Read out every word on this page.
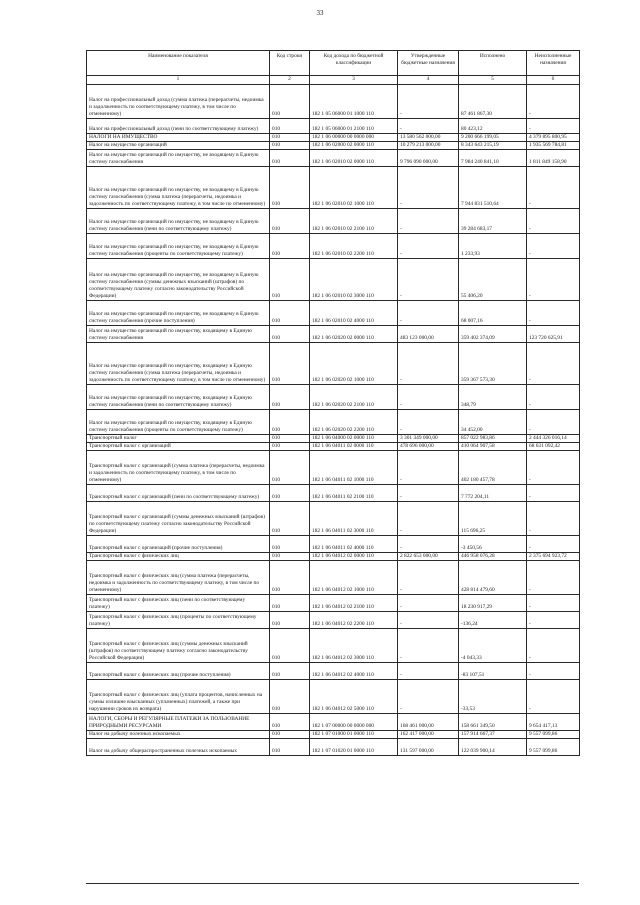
33
Наименование показателя	Код строки	Код дохода по бюджетной классификации	Утвержденные бюджетные назначения	Исполнено	Неисполненные назначения
1	2	3	4	5	6
Налог на профессиональный доход (сумма платежа (перерасчеты, недоимка и задолженность по соответствующему платежу, в том числе по отмененному)	010	182 1 05 06000 01 1000 110	-	87 461 867,30	-
Налог на профессиональный доход (пени по соответствующему платежу)	010	182 1 05 06000 01 2100 110	-	80 423,12	-
НАЛОГИ НА ИМУЩЕСТВО	010	182 1 06 00000 00 0000 000	13 580 562 000,00	9 200 666 199,05	4 379 895 800,95
Налог на имущество организаций	010	182 1 06 02000 02 0000 110	10 279 213 000,00	8 343 643 215,19	1 935 569 784,81
Налог на имущество организаций по имуществу, не входящему в Единую систему газоснабжения	010	182 1 06 02010 02 0000 110	9 796 090 000,00	7 984 240 841,10	1 811 849 158,90
Налог на имущество организаций по имуществу, не входящему в Единую систему газоснабжения (сумма платежа (перерасчеты, недоимка и задолженность по соответствующему платежу, в том числе по отмененному)	010	182 1 06 02010 02 1000 110	-	7 944 831 510,64	-
Налог на имущество организаций по имуществу, не входящему в Единую систему газоснабжения (пени по соответствующему платежу)	010	182 1 06 02010 02 2100 110	-	39 284 683,17	-
Налог на имущество организаций по имуществу, не входящему в Единую систему газоснабжения (проценты по соответствующему платежу)	010	182 1 06 02010 02 2200 110	-	1 233,93	-
Налог на имущество организаций по имуществу, не входящему в Единую систему газоснабжения (суммы денежных взысканий (штрафов) по соответствующему платежу согласно законодательству Российской Федерации)	010	182 1 06 02010 02 3000 110	-	55 406,20	-
Налог на имущество организаций по имуществу, не входящему в Единую систему газоснабжения (прочие поступления)	010	182 1 06 02010 02 4000 110	-	68 007,16	-
Налог на имущество организаций по имуществу, входящему в Единую систему газоснабжения	010	182 1 06 02020 02 0000 110	483 123 000,00	359 402 374,09	123 720 625,91
Налог на имущество организаций по имуществу, входящему в Единую систему газоснабжения (сумма платежа (перерасчеты, недоимка и задолженность по соответствующему платежу, в том числе по отмененному)	010	182 1 06 02020 02 1000 110	-	359 367 573,30	-
Налог на имущество организаций по имуществу, входящему в Единую систему газоснабжения (пени по соответствующему платежу)	010	182 1 06 02020 02 2100 110	-	348,79	-
Налог на имущество организаций по имуществу, входящему в Единую систему газоснабжения (проценты по соответствующему платежу)	010	182 1 06 02020 02 2200 110	-	34 452,00	-
Транспортный налог	010	182 1 06 04000 02 0000 110	3 301 349 000,00	857 022 983,86	2 444 326 016,14
Транспортный налог с организаций	010	182 1 06 04011 02 0000 110	478 696 000,00	410 064 907,58	68 631 092,42
Транспортный налог с организаций (сумма платежа (перерасчеты, недоимка и задолженность по соответствующему платежу, в том числе по отмененному)	010	182 1 06 04011 02 1000 110	-	402 180 457,78	-
Транспортный налог с организаций (пени по соответствующему платежу)	010	182 1 06 04011 02 2100 110	-	7 772 204,11	-
Транспортный налог с организаций (суммы денежных взысканий (штрафов) по соответствующему платежу согласно законодательству Российской Федерации)	010	182 1 06 04011 02 3000 110	-	115 696,25	-
Транспортный налог с организаций (прочие поступления)	010	182 1 06 04011 02 4000 110	-	-3 450,56	-
Транспортный налог с физических лиц	010	182 1 06 04012 02 0000 110	2 822 653 000,00	446 958 076,28	2 375 694 923,72
Транспортный налог с физических лиц (сумма платежа (перерасчеты, недоимка и задолженность по соответствующему платежу, в том числе по отмененному)	010	182 1 06 04012 02 1000 110	-	428 814 479,60	-
Транспортный налог с физических лиц (пени по соответствующему платежу)	010	182 1 06 04012 02 2100 110	-	18 230 917,29	-
Транспортный налог с физических лиц (проценты по соответствующему платежу)	010	182 1 06 04012 02 2200 110	-	-136,24	-
Транспортный налог с физических лиц (суммы денежных взысканий (штрафов) по соответствующему платежу согласно законодательству Российской Федерации)	010	182 1 06 04012 02 3000 110	-	-4 043,33	-
Транспортный налог с физических лиц (прочие поступления)	010	182 1 06 04012 02 4000 110	-	-83 107,51	-
Транспортный налог с физических лиц (уплата процентов, начисленных на суммы излишне взысканных (уплаченных) платежей, а также при нарушении сроков их возврата)	010	182 1 06 04012 02 5000 110	-	-33,53	-
НАЛОГИ, СБОРЫ И РЕГУЛЯРНЫЕ ПЛАТЕЖИ ЗА ПОЛЬЗОВАНИЕ ПРИРОДНЫМИ РЕСУРСАМИ	010	182 1 07 00000 00 0000 000	168 461 000,00	158 661 349,50	9 654 417,13
Налог на добычу полезных ископаемых	010	182 1 07 01000 01 0000 110	162 417 000,00	157 914 667,37	9 557 099,86
Налог на добычу общераспространенных полезных ископаемых	010	182 1 07 01020 01 0000 110	131 597 000,00	122 039 900,14	9 557 099,86
